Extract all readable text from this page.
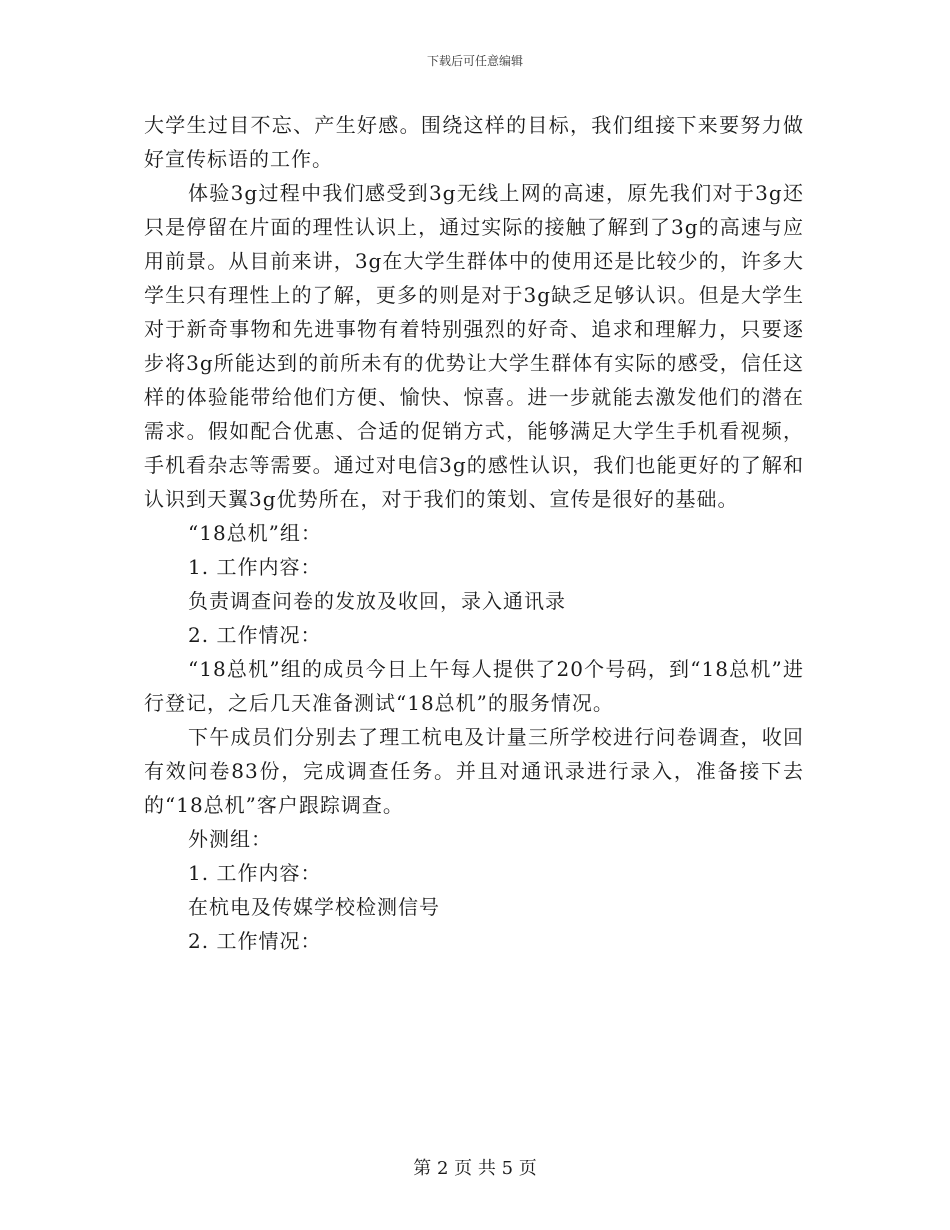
下载后可任意编辑

大学生过目不忘、产生好感。围绕这样的目标，我们组接下来要努力做好宣传标语的工作。

体验3g过程中我们感受到3g无线上网的高速，原先我们对于3g还只是停留在片面的理性认识上，通过实际的接触了解到了3g的高速与应用前景。从目前来讲，3g在大学生群体中的使用还是比较少的，许多大学生只有理性上的了解，更多的则是对于3g缺乏足够认识。但是大学生对于新奇事物和先进事物有着特别强烈的好奇、追求和理解力，只要逐步将3g所能达到的前所未有的优势让大学生群体有实际的感受，信任这样的体验能带给他们方便、愉快、惊喜。进一步就能去激发他们的潜在需求。假如配合优惠、合适的促销方式，能够满足大学生手机看视频，手机看杂志等需要。通过对电信3g的感性认识，我们也能更好的了解和认识到天翼3g优势所在，对于我们的策划、宣传是很好的基础。

“18总机”组：

1. 工作内容：

负责调查问卷的发放及收回，录入通讯录

2. 工作情况：

“18总机”组的成员今日上午每人提供了20个号码，到“18总机”进行登记，之后几天准备测试“18总机”的服务情况。

下午成员们分别去了理工杭电及计量三所学校进行问卷调查，收回有效问卷83份，完成调查任务。并且对通讯录进行录入，准备接下去的“18总机”客户跟踪调查。

外测组：

1. 工作内容：

在杭电及传媒学校检测信号

2. 工作情况：

第 2 页 共 5 页
